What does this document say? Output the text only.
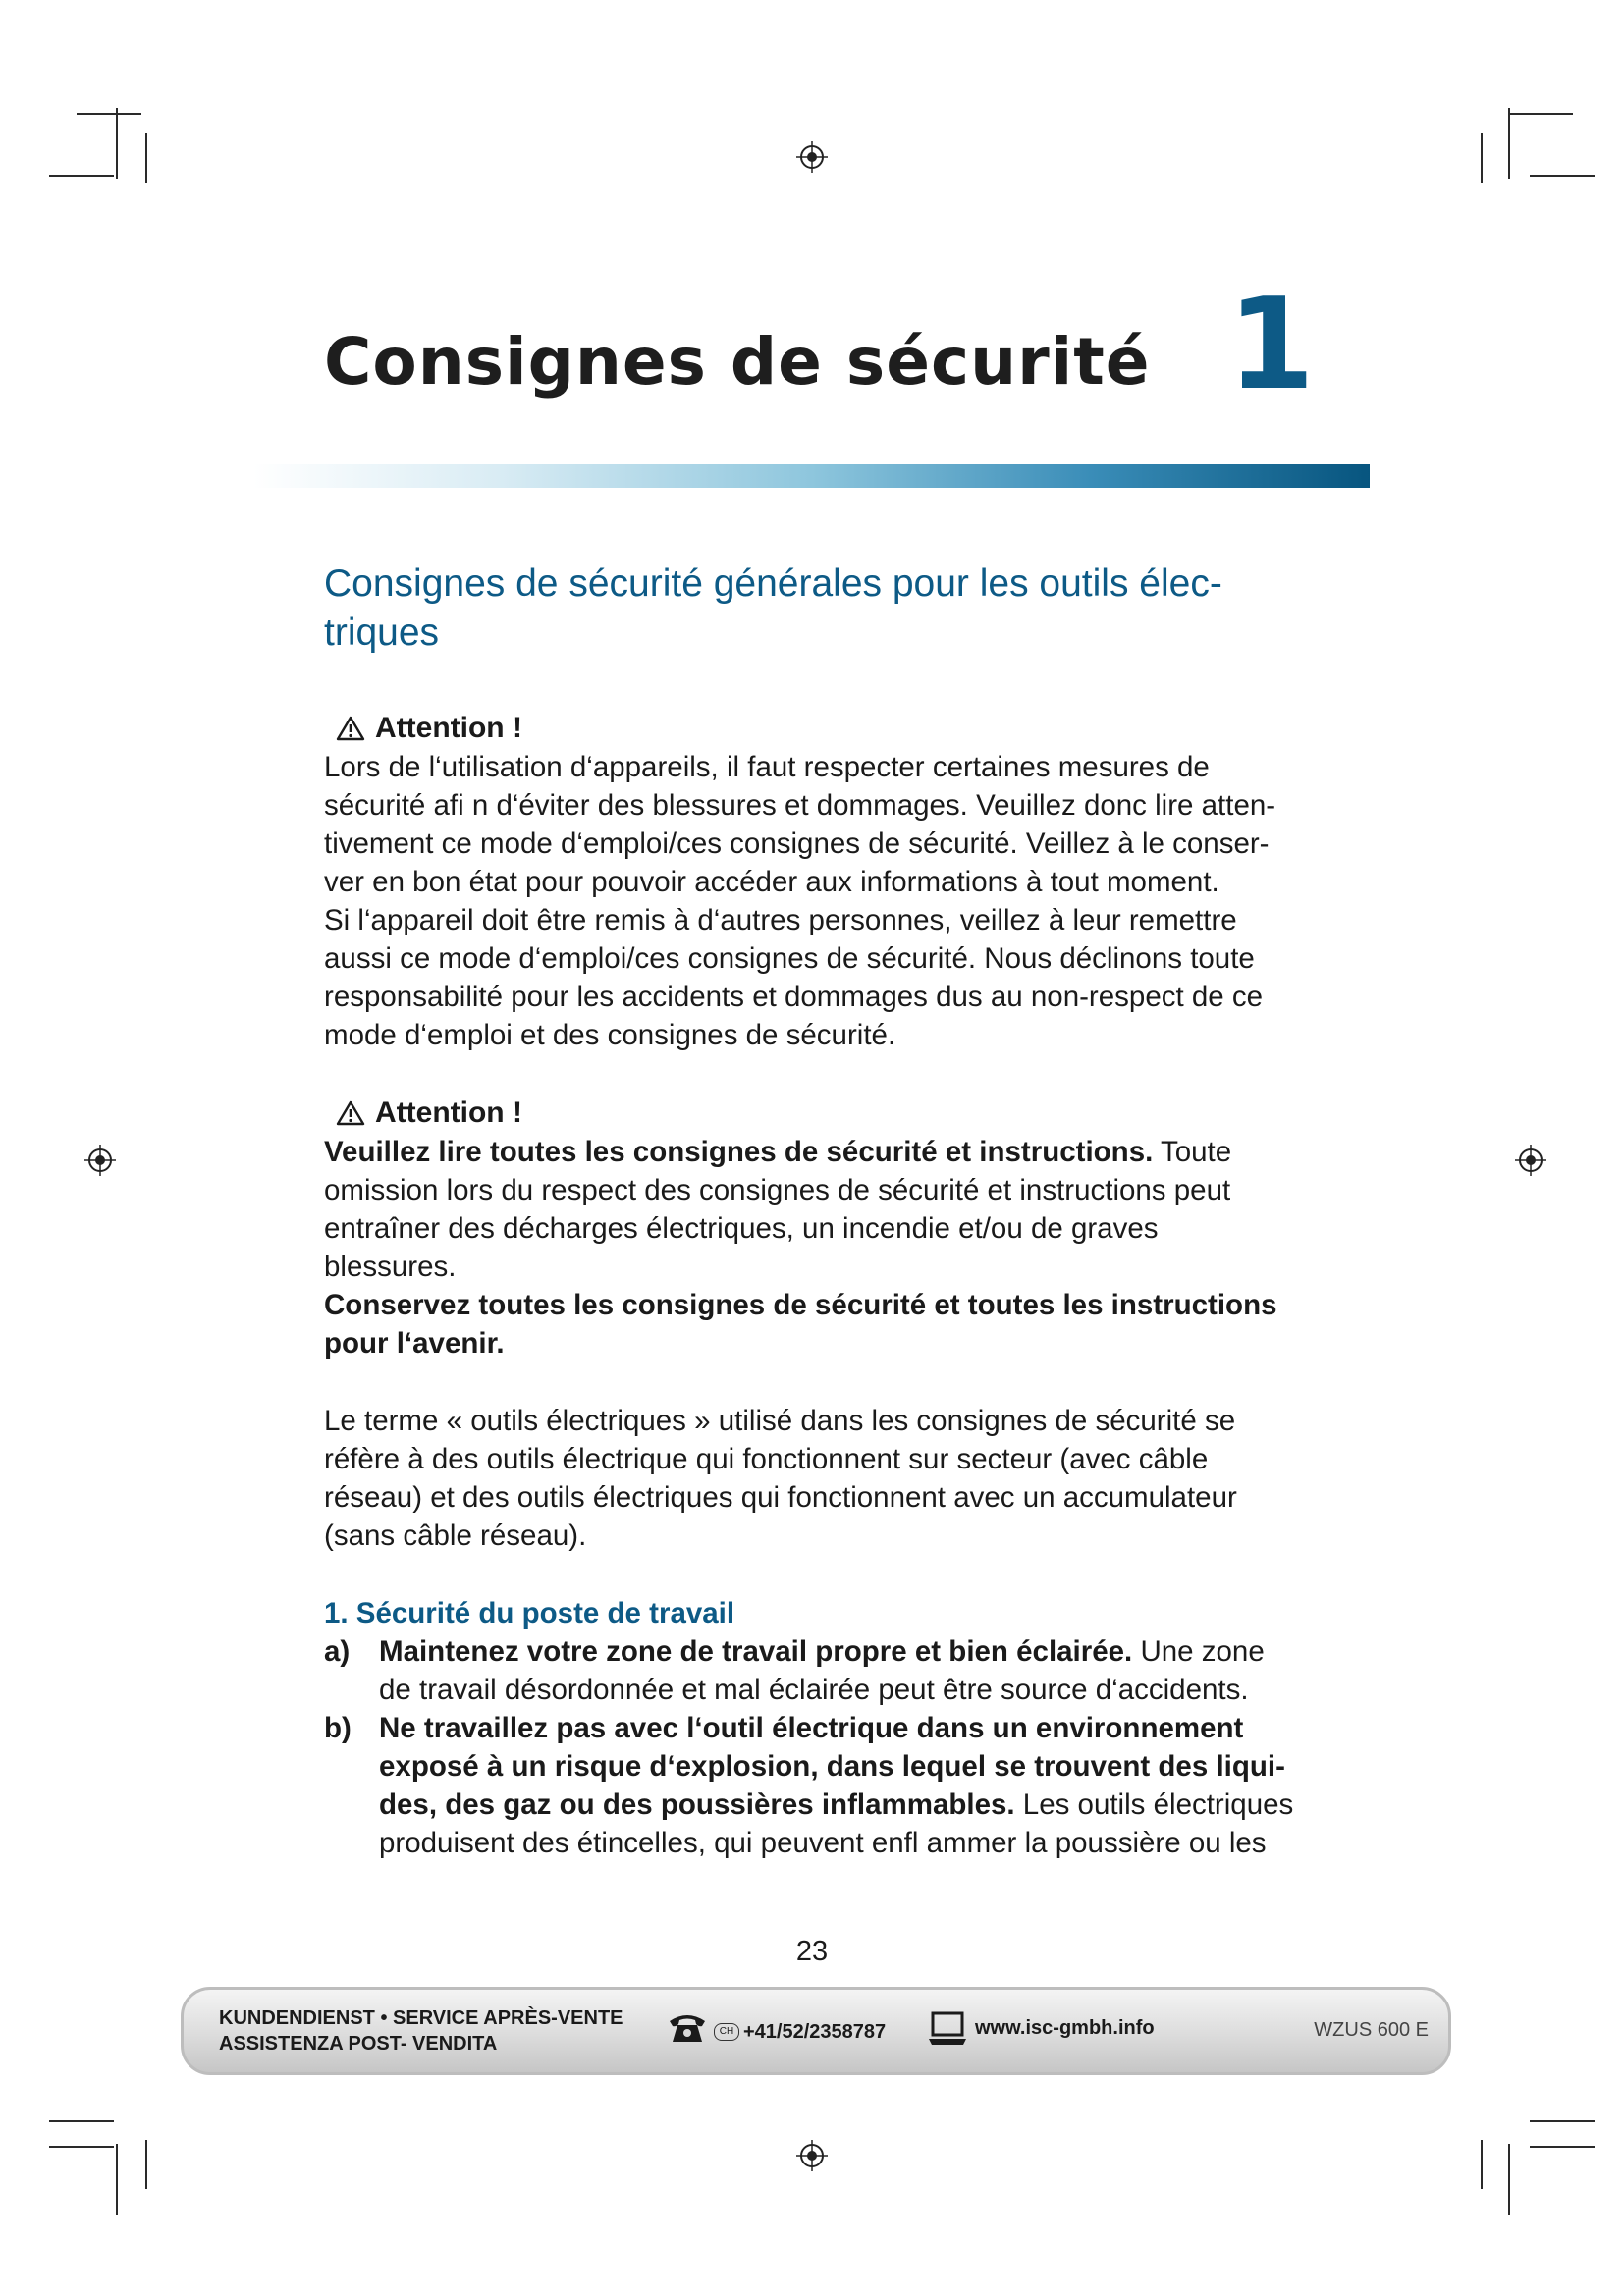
Consignes de sécurité 1
Consignes de sécurité générales pour les outils élec-
triques

Attention !

Lors de l‘utilisation d‘appareils, il faut respecter certaines mesures de
sécurité afi n d‘éviter des blessures et dommages. Veuillez donc lire atten-
tivement ce mode d‘emploi/ces consignes de sécurité. Veillez à le conser-
ver en bon état pour pouvoir accéder aux informations à tout moment.
Si l‘appareil doit être remis à d‘autres personnes, veillez à leur remettre
aussi ce mode d‘emploi/ces consignes de sécurité. Nous déclinons toute
responsabilité pour les accidents et dommages dus au non-respect de ce
mode d‘emploi et des consignes de sécurité.

Attention !

Veuillez lire toutes les consignes de sécurité et instructions. Toute
omission lors du respect des consignes de sécurité et instructions peut
entraîner des décharges électriques, un incendie et/ou de graves
blessures.
Conservez toutes les consignes de sécurité et toutes les instructions
pour l‘avenir.

Le terme « outils électriques » utilisé dans les consignes de sécurité se
réfère à des outils électrique qui fonctionnent sur secteur (avec câble
réseau) et des outils électriques qui fonctionnent avec un accumulateur
(sans câble réseau).

1. Sécurité du poste de travail

a) Maintenez votre zone de travail propre et bien éclairée. Une zone
de travail désordonnée et mal éclairée peut être source d‘accidents.
b) Ne travaillez pas avec l‘outil électrique dans un environnement
exposé à un risque d‘explosion, dans lequel se trouvent des liqui-
des, des gaz ou des poussières inflammables. Les outils électriques
produisent des étincelles, qui peuvent enfl ammer la poussière ou les
23
KUNDENDIENST • SERVICE APRÈS-VENTE
ASSISTENZA POST- VENDITA
CH +41/52/2358787	www.isc-gmbh.info	WZUS 600 E
